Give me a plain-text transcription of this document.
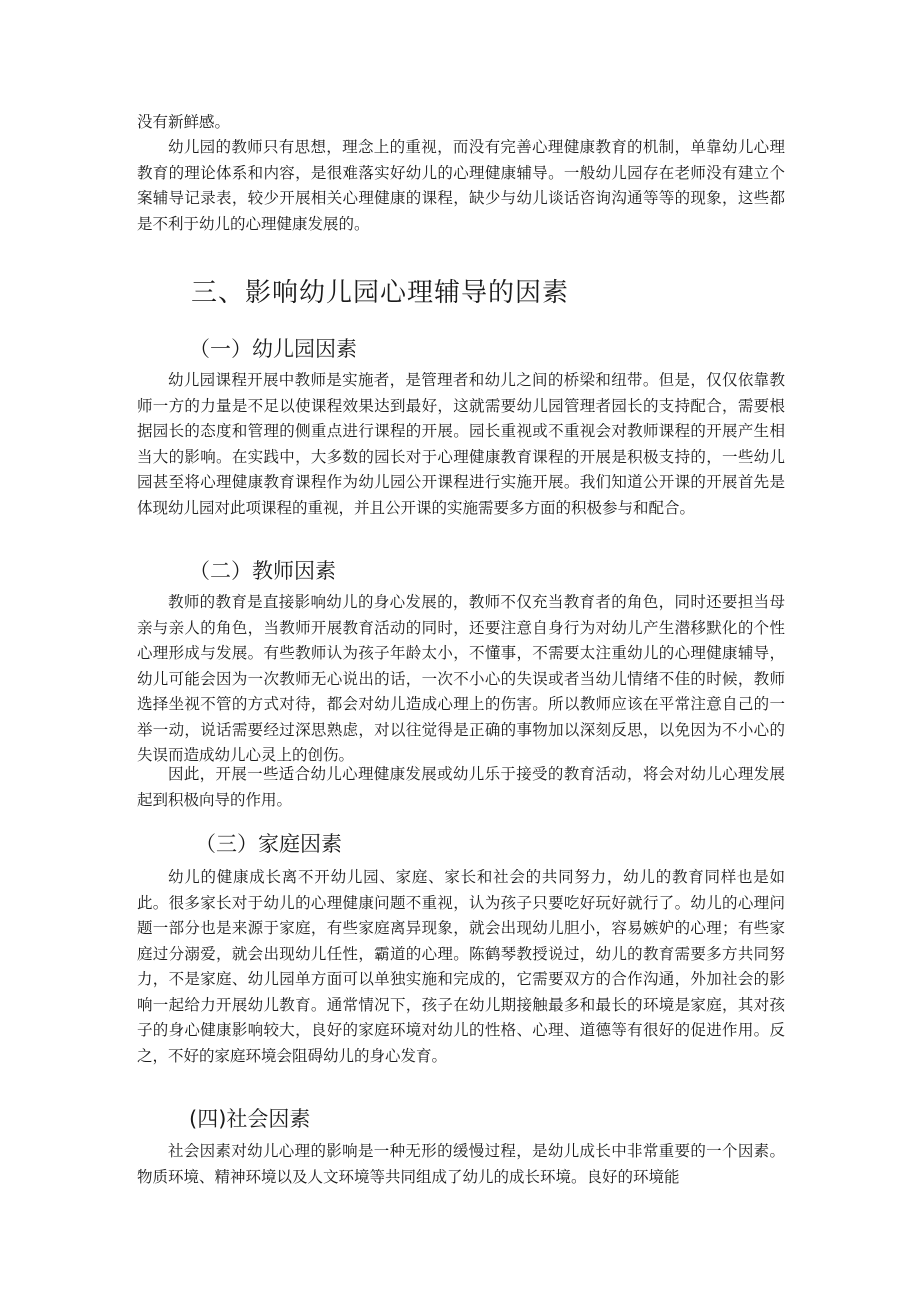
没有新鲜感。

幼儿园的教师只有思想，理念上的重视，而没有完善心理健康教育的机制，单靠幼儿心理教育的理论体系和内容，是很难落实好幼儿的心理健康辅导。一般幼儿园存在老师没有建立个案辅导记录表，较少开展相关心理健康的课程，缺少与幼儿谈话咨询沟通等等的现象，这些都是不利于幼儿的心理健康发展的。

三、影响幼儿园心理辅导的因素
（一）幼儿园因素

幼儿园课程开展中教师是实施者，是管理者和幼儿之间的桥梁和纽带。但是，仅仅依靠教师一方的力量是不足以使课程效果达到最好，这就需要幼儿园管理者园长的支持配合，需要根据园长的态度和管理的侧重点进行课程的开展。园长重视或不重视会对教师课程的开展产生相当大的影响。在实践中，大多数的园长对于心理健康教育课程的开展是积极支持的，一些幼儿园甚至将心理健康教育课程作为幼儿园公开课程进行实施开展。我们知道公开课的开展首先是体现幼儿园对此项课程的重视，并且公开课的实施需要多方面的积极参与和配合。

（二）教师因素

教师的教育是直接影响幼儿的身心发展的，教师不仅充当教育者的角色，同时还要担当母亲与亲人的角色，当教师开展教育活动的同时，还要注意自身行为对幼儿产生潜移默化的个性心理形成与发展。有些教师认为孩子年龄太小，不懂事，不需要太注重幼儿的心理健康辅导，幼儿可能会因为一次教师无心说出的话，一次不小心的失误或者当幼儿情绪不佳的时候，教师选择坐视不管的方式对待，都会对幼儿造成心理上的伤害。所以教师应该在平常注意自己的一举一动，说话需要经过深思熟虑，对以往觉得是正确的事物加以深刻反思，以免因为不小心的失误而造成幼儿心灵上的创伤。

因此，开展一些适合幼儿心理健康发展或幼儿乐于接受的教育活动，将会对幼儿心理发展起到积极向导的作用。

（三）家庭因素

幼儿的健康成长离不开幼儿园、家庭、家长和社会的共同努力，幼儿的教育同样也是如此。很多家长对于幼儿的心理健康问题不重视，认为孩子只要吃好玩好就行了。幼儿的心理问题一部分也是来源于家庭，有些家庭离异现象，就会出现幼儿胆小，容易嫉妒的心理；有些家庭过分溺爱，就会出现幼儿任性，霸道的心理。陈鹤琴教授说过，幼儿的教育需要多方共同努力，不是家庭、幼儿园单方面可以单独实施和完成的，它需要双方的合作沟通，外加社会的影响一起给力开展幼儿教育。通常情况下，孩子在幼儿期接触最多和最长的环境是家庭，其对孩子的身心健康影响较大，良好的家庭环境对幼儿的性格、心理、道德等有很好的促进作用。反之，不好的家庭环境会阻碍幼儿的身心发育。

(四)社会因素

社会因素对幼儿心理的影响是一种无形的缓慢过程，是幼儿成长中非常重要的一个因素。物质环境、精神环境以及人文环境等共同组成了幼儿的成长环境。良好的环境能
